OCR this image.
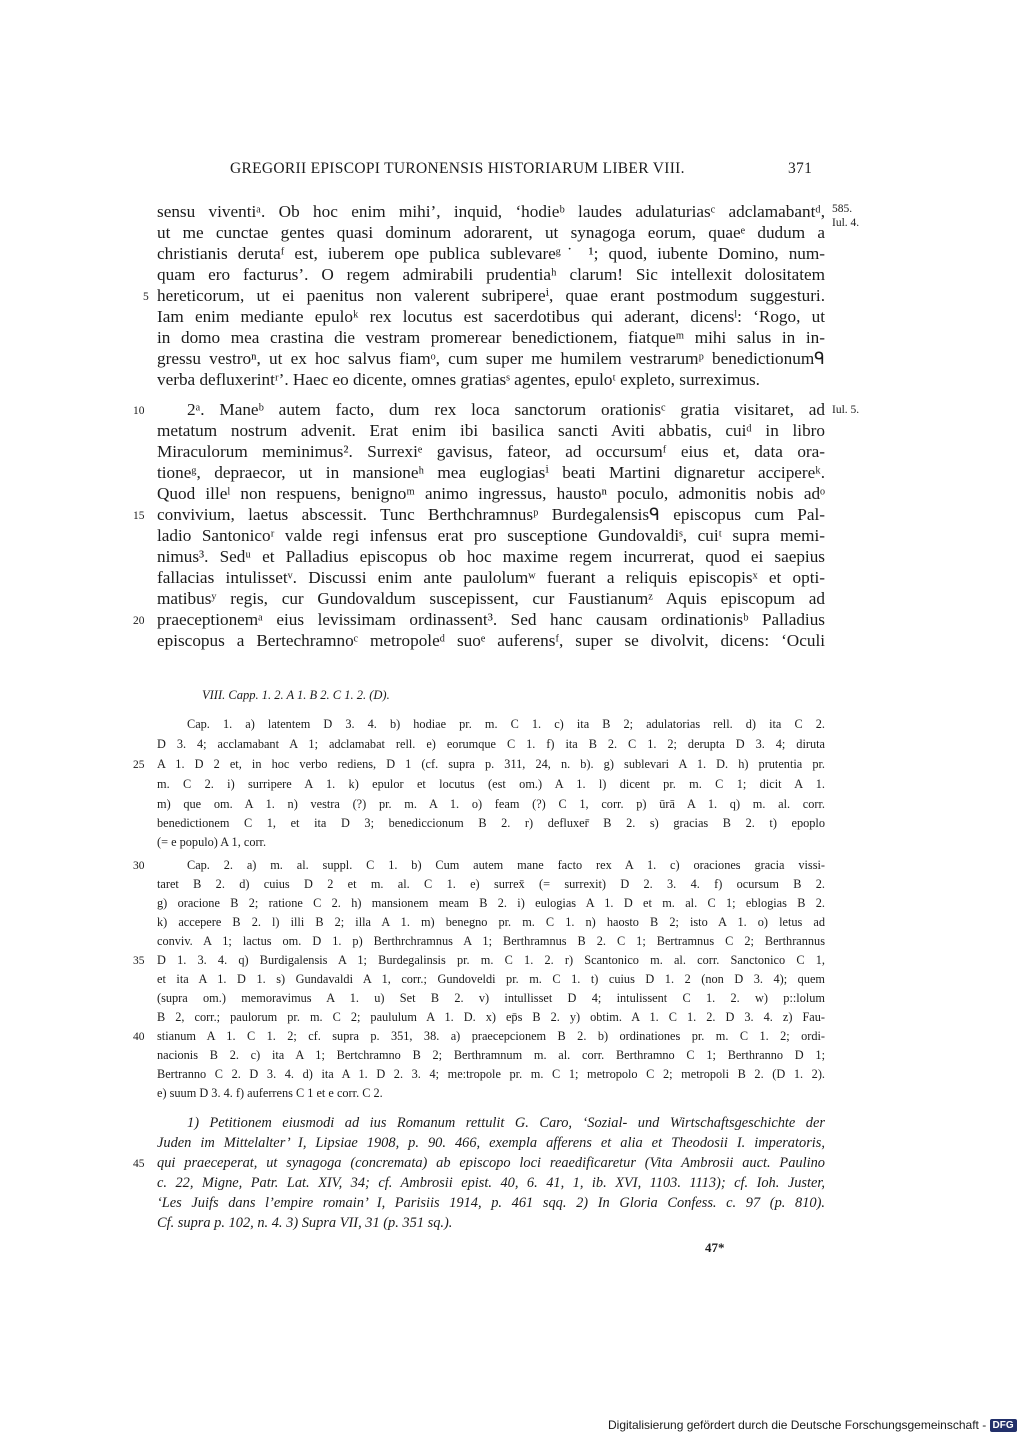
GREGORII EPISCOPI TURONENSIS HISTORIARUM LIBER VIII.	371
585.
Iul. 4.
Iul. 5.
sensu viventiᵃ. Ob hoc enim mihi’, inquid, ‘hodieᵇ laudes adulaturiasᶜ adclamabantᵈ,
ut me cunctae gentes quasi dominum adorarent, ut synagoga eorum, quaeᵉ dudum a
christianis derutaᶠ est, iuberem ope publica sublevareᵍ˙ ¹; quod, iubente Domino, num-
quam ero facturus’. O regem admirabili prudentiaʰ clarum! Sic intellexit dolositatem
hereticorum, ut ei paenitus non valerent subripereⁱ, quae erant postmodum suggesturi.
Iam enim mediante epuloᵏ rex locutus est sacerdotibus qui aderant, dicensˡ: ‘Rogo, ut
in domo mea crastina die vestram promerear benedictionem, fiatqueᵐ mihi salus in in-
gressu vestroⁿ, ut ex hoc salvus fiamᵒ, cum super me humilem vestrarumᵖ benedictionumᑫ
verba defluxerintʳ’. Haec eo dicente, omnes gratiasˢ agentes, epuloᵗ expleto, surreximus.
2ᵃ. Maneᵇ autem facto, dum rex loca sanctorum orationisᶜ gratia visitaret, ad
metatum nostrum advenit. Erat enim ibi basilica sancti Aviti abbatis, cuiᵈ in libro
Miraculorum meminimus². Surrexiᵉ gavisus, fateor, ad occursumᶠ eius et, data ora-
tioneᵍ, depraecor, ut in mansioneʰ mea euglogiasⁱ beati Martini dignaretur accipereᵏ.
Quod illeˡ non respuens, benignoᵐ animo ingressus, haustoⁿ poculo, admonitis nobis adᵒ
convivium, laetus abscessit. Tunc Berthchramnusᵖ Burdegalensisᑫ episcopus cum Pal-
ladio Santonicoʳ valde regi infensus erat pro susceptione Gundovaldiˢ, cuiᵗ supra memi-
nimus³. Sedᵘ et Palladius episcopus ob hoc maxime regem incurrerat, quod ei saepius
fallacias intulissetᵛ. Discussi enim ante paulolumʷ fuerant a reliquis episcopisˣ et opti-
matibusʸ regis, cur Gundovaldum suscepissent, cur Faustianumᶻ Aquis episcopum ad
praeceptionemᵃ eius levissimam ordinassent³. Sed hanc causam ordinationisᵇ Palladius
episcopus a Bertechramnoᶜ metropoleᵈ suoᵉ auferensᶠ, super se divolvit, dicens: ‘Oculi
5
10
15
20
VIII. Capp. 1. 2. A 1. B 2. C 1. 2. (D).
Cap. 1. a) latentem D 3. 4. b) hodiae pr. m. C 1. c) ita B 2; adulatorias rell. d) ita C 2.
D 3. 4; acclamabant A 1; adclamabat rell. e) eorumque C 1. f) ita B 2. C 1. 2; derupta D 3. 4; diruta
A 1. D 2 et, in hoc verbo rediens, D 1 (cf. supra p. 311, 24, n. b). g) sublevari A 1. D. h) prutentia pr.
m. C 2. i) surripere A 1. k) epulor et locutus (est om.) A 1. l) dicent pr. m. C 1; dicit A 1.
m) que om. A 1. n) vestra (?) pr. m. A 1. o) feam (?) C 1, corr. p) ūrā A 1. q) m. al. corr.
benedictionem C 1, et ita D 3; benediccionum B 2. r) defluxer̄ B 2. s) gracias B 2. t) epoplo
(= e populo) A 1, corr.
Cap. 2. a) m. al. suppl. C 1. b) Cum autem mane facto rex A 1. c) oraciones gracia vissi-
taret B 2. d) cuius D 2 et m. al. C 1. e) surrex̄ (= surrexit) D 2. 3. 4. f) ocursum B 2.
g) oracione B 2; ratione C 2. h) mansionem meam B 2. i) eulogias A 1. D et m. al. C 1; eblogias B 2.
k) accepere B 2. l) illi B 2; illa A 1. m) benegno pr. m. C 1. n) haosto B 2; isto A 1. o) letus ad
conviv. A 1; lactus om. D 1. p) Berthrchramnus A 1; Berthramnus B 2. C 1; Bertramnus C 2; Berthrannus
D 1. 3. 4. q) Burdigalensis A 1; Burdegalinsis pr. m. C 1. 2. r) Scantonico m. al. corr. Sanctonico C 1,
et ita A 1. D 1. s) Gundavaldi A 1, corr.; Gundoveldi pr. m. C 1. t) cuius D 1. 2 (non D 3. 4); quem
(supra om.) memoravimus A 1. u) Set B 2. v) intullisset D 4; intulissent C 1. 2. w) p::lolum
B 2, corr.; paulorum pr. m. C 2; paululum A 1. D. x) ep̄s B 2. y) obtim. A 1. C 1. 2. D 3. 4. z) Fau-
stianum A 1. C 1. 2; cf. supra p. 351, 38. a) praecepcionem B 2. b) ordinationes pr. m. C 1. 2; ordi-
nacionis B 2. c) ita A 1; Bertchramno B 2; Berthramnum m. al. corr. Berthramno C 1; Berthranno D 1;
Bertranno C 2. D 3. 4. d) ita A 1. D 2. 3. 4; me:tropole pr. m. C 1; metropolo C 2; metropoli B 2. (D 1. 2).
e) suum D 3. 4. f) auferrens C 1 et e corr. C 2.
25
30
35
40
1) Petitionem eiusmodi ad ius Romanum rettulit G. Caro, ‘Sozial- und Wirtschaftsgeschichte der
Juden im Mittelalter’ I, Lipsiae 1908, p. 90. 466, exempla afferens et alia et Theodosii I. imperatoris,
qui praeceperat, ut synagoga (concremata) ab episcopo loci reaedificaretur (Vita Ambrosii auct. Paulino
c. 22, Migne, Patr. Lat. XIV, 34; cf. Ambrosii epist. 40, 6. 41, 1, ib. XVI, 1103. 1113); cf. Ioh. Juster,
‘Les Juifs dans l’empire romain’ I, Parisiis 1914, p. 461 sqq. 2) In Gloria Confess. c. 97 (p. 810).
Cf. supra p. 102, n. 4. 3) Supra VII, 31 (p. 351 sq.).
45
47*
Digitalisierung gefördert durch die Deutsche Forschungsgemeinschaft - DFG
